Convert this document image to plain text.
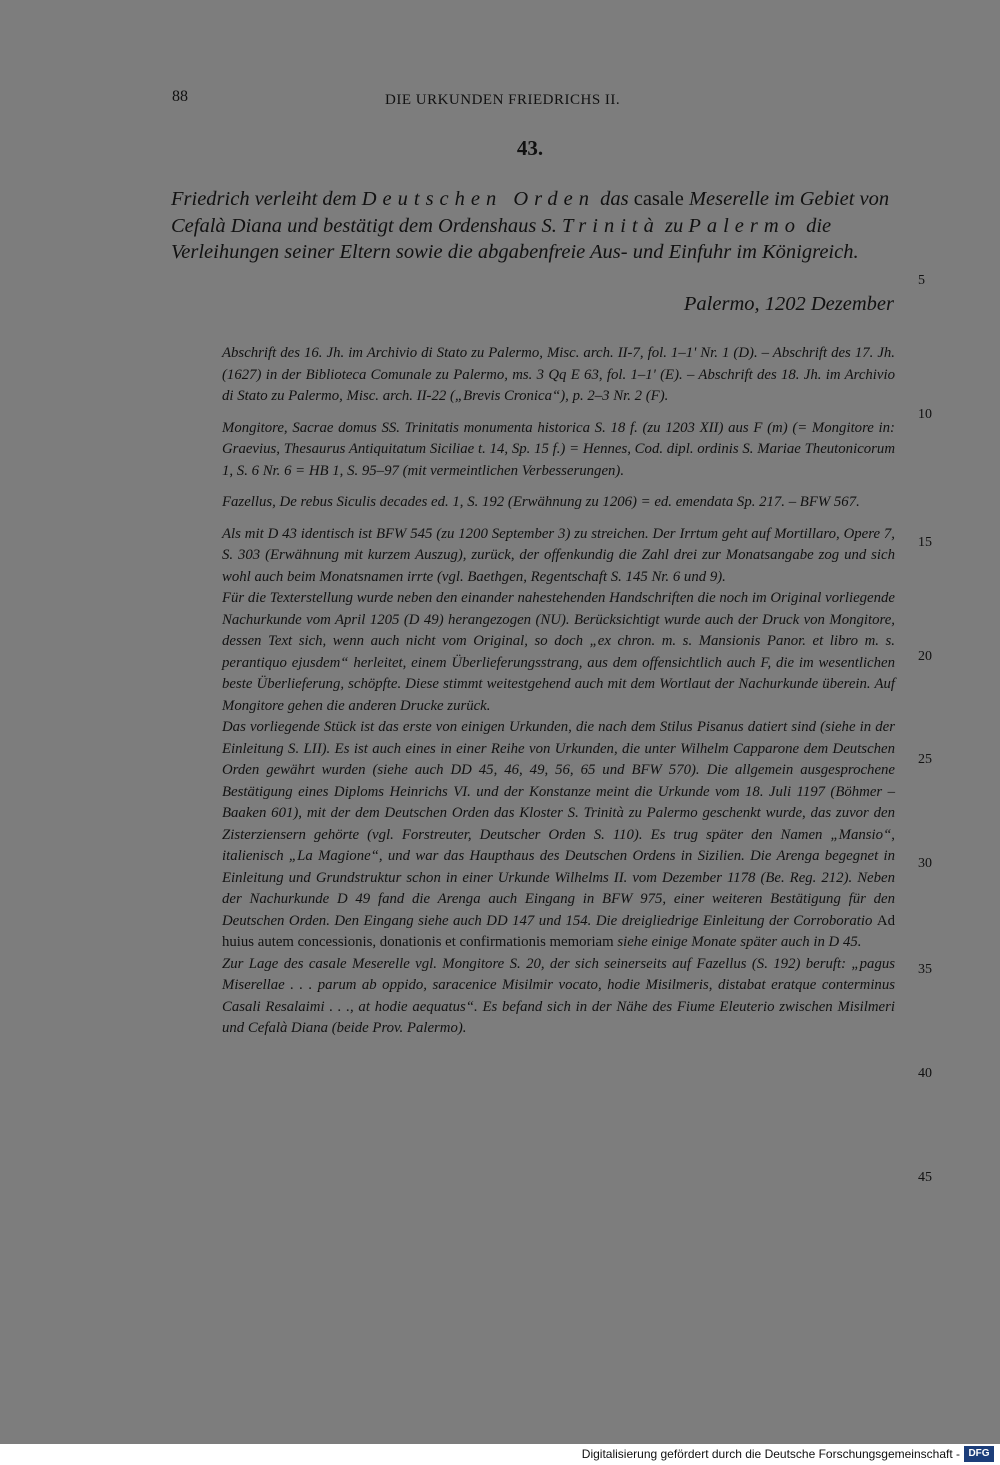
88	DIE URKUNDEN FRIEDRICHS II.
43.

Friedrich verleiht dem Deutschen Orden das casale Meserelle im Gebiet von Cefalà Diana und bestätigt dem Ordenshaus S. Trinità zu Palermo die Verleihungen seiner Eltern sowie die abgabenfreie Aus- und Einfuhr im Königreich.

Palermo, 1202 Dezember

Abschrift des 16. Jh. im Archivio di Stato zu Palermo, Misc. arch. II-7, fol. 1–1' Nr. 1 (D). – Abschrift des 17. Jh. (1627) in der Biblioteca Comunale zu Palermo, ms. 3 Qq E 63, fol. 1–1' (E). – Abschrift des 18. Jh. im Archivio di Stato zu Palermo, Misc. arch. II-22 („Brevis Cronica“), p. 2–3 Nr. 2 (F).

Mongitore, Sacrae domus SS. Trinitatis monumenta historica S. 18 f. (zu 1203 XII) aus F (m) (= Mongitore in: Graevius, Thesaurus Antiquitatum Siciliae t. 14, Sp. 15 f.) = Hennes, Cod. dipl. ordinis S. Mariae Theutonicorum 1, S. 6 Nr. 6 = HB 1, S. 95–97 (mit vermeintlichen Verbesserungen).

Fazellus, De rebus Siculis decades ed. 1, S. 192 (Erwähnung zu 1206) = ed. emendata Sp. 217. – BFW 567.

Als mit D 43 identisch ist BFW 545 (zu 1200 September 3) zu streichen. Der Irrtum geht auf Mortillaro, Opere 7, S. 303 (Erwähnung mit kurzem Auszug), zurück, der offenkundig die Zahl drei zur Monatsangabe zog und sich wohl auch beim Monatsnamen irrte (vgl. Baethgen, Regentschaft S. 145 Nr. 6 und 9).

Für die Texterstellung wurde neben den einander nahestehenden Handschriften die noch im Original vorliegende Nachurkunde vom April 1205 (D 49) herangezogen (NU). Berücksichtigt wurde auch der Druck von Mongitore, dessen Text sich, wenn auch nicht vom Original, so doch „ex chron. m. s. Mansionis Panor. et libro m. s. perantiquo ejusdem“ herleitet, einem Überlieferungsstrang, aus dem offensichtlich auch F, die im wesentlichen beste Überlieferung, schöpfte. Diese stimmt weitestgehend auch mit dem Wortlaut der Nachurkunde überein. Auf Mongitore gehen die anderen Drucke zurück.

Das vorliegende Stück ist das erste von einigen Urkunden, die nach dem Stilus Pisanus datiert sind (siehe in der Einleitung S. LII). Es ist auch eines in einer Reihe von Urkunden, die unter Wilhelm Capparone dem Deutschen Orden gewährt wurden (siehe auch DD 45, 46, 49, 56, 65 und BFW 570). Die allgemein ausgesprochene Bestätigung eines Diploms Heinrichs VI. und der Konstanze meint die Urkunde vom 18. Juli 1197 (Böhmer – Baaken 601), mit der dem Deutschen Orden das Kloster S. Trinità zu Palermo geschenkt wurde, das zuvor den Zisterziensern gehörte (vgl. Forstreuter, Deutscher Orden S. 110). Es trug später den Namen „Mansio“, italienisch „La Magione“, und war das Haupthaus des Deutschen Ordens in Sizilien. Die Arenga begegnet in Einleitung und Grundstruktur schon in einer Urkunde Wilhelms II. vom Dezember 1178 (Be. Reg. 212). Neben der Nachurkunde D 49 fand die Arenga auch Eingang in BFW 975, einer weiteren Bestätigung für den Deutschen Orden. Den Eingang siehe auch DD 147 und 154. Die dreigliedrige Einleitung der Corroboratio Ad huius autem concessionis, donationis et confirmationis memoriam siehe einige Monate später auch in D 45.

Zur Lage des casale Meserelle vgl. Mongitore S. 20, der sich seinerseits auf Fazellus (S. 192) beruft: „pagus Miserellae . . . parum ab oppido, saracenice Misilmir vocato, hodie Misilmeris, distabat eratque conterminus Casali Resalaimi . . ., at hodie aequatus“. Es befand sich in der Nähe des Fiume Eleuterio zwischen Misilmeri und Cefalà Diana (beide Prov. Palermo).

5
10
15
20
25
30
35
40
45
Digitalisierung gefördert durch die Deutsche Forschungsgemeinschaft - DFG
